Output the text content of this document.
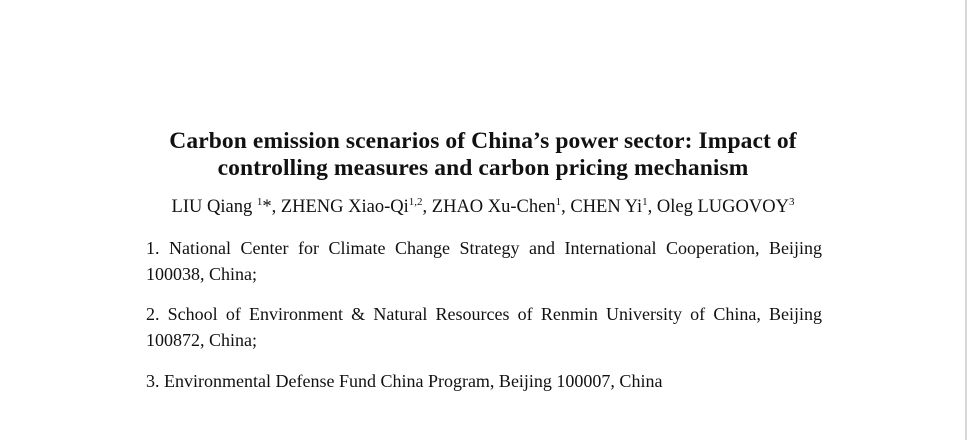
Carbon emission scenarios of China’s power sector: Impact of
controlling measures and carbon pricing mechanism
LIU Qiang $^1$*, ZHENG Xiao-Qi$^{1,2}$, ZHAO Xu-Chen$^1$, CHEN Yi$^1$, Oleg LUGOVOY$^3$
1. National Center for Climate Change Strategy and International Cooperation, Beijing 100038, China;
2. School of Environment & Natural Resources of Renmin University of China, Beijing 100872, China;
3. Environmental Defense Fund China Program, Beijing 100007, China
